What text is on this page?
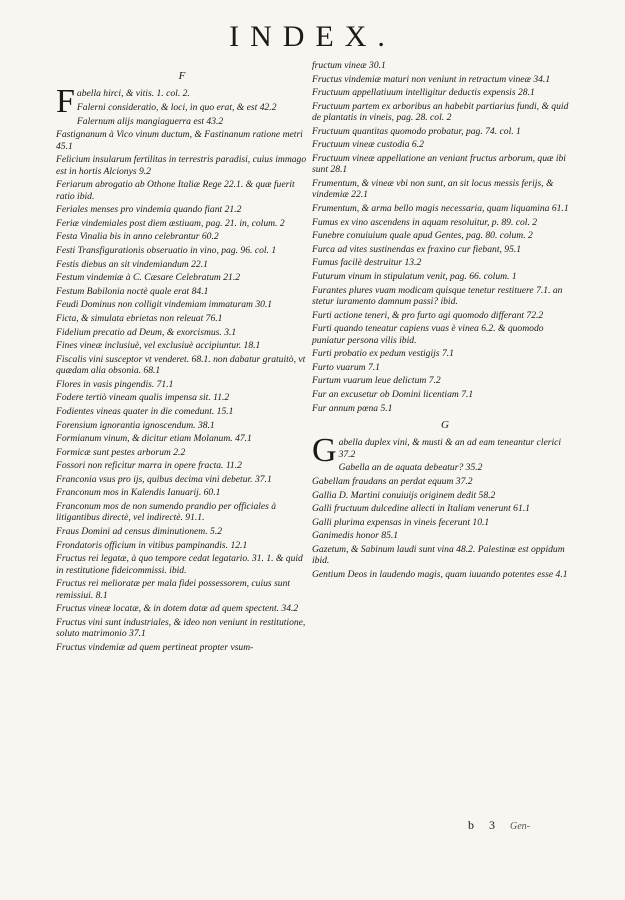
INDEX.
F
Fabella hirci, & vitis. 1. col. 2.
Falerni consideratio, & loci, in quo erat, & est 42.2
Falernum alijs mangiaguerra est 43.2
Fastignanum à Vico vinum ductum, & Fastinanum ratione metri 45.1
Felicium insularum fertilitas in terrestris paradisi, cuius immago est in hortis Alcionys 9.2
Feriarum abrogatio ab Othone Italiæ Rege 22.1. & quæ fuerit ratio ibid.
Feriales menses pro vindemia quando fiant 21.2
Feriæ vindemiales post diem æstiuam, pag. 21. in, colum. 2
Festa Vinalia bis in anno celebrantur 60.2
Festi Transfigurationis obseruatio in vino, pag. 96. col. 1
Festis diebus an sit vindemiandum 22.1
Festum vindemiæ à C. Cæsare Celebratum 21.2
Festum Babilonia noctè quale erat 84.1
Feudi Dominus non colligit vindemiam immaturam 30.1
Ficta, & simulata ebrietas non releuat 76.1
Fidelium precatio ad Deum, & exorcismus. 3.1
Fines vineæ inclusiuè, vel exclusiuè accipiuntur. 18.1
Fiscalis vini susceptor vt venderet. 68.1. non dabatur gratuitò, vt quædam alia obsonia. 68.1
Flores in vasis pingendis. 71.1
Fodere tertiò vineam qualis impensa sit. 11.2
Fodientes vineas quater in die comedunt. 15.1
Forensium ignorantia ignoscendum. 38.1
Formianum vinum, & dicitur etiam Molanum. 47.1
Formicæ sunt pestes arborum 2.2
Fossori non reficitur marra in opere fracta. 11.2
Franconia vsus pro ijs, quibus decima vini debetur. 37.1
Franconum mos in Kalendis Ianuarij. 60.1
Franconum mos de non sumendo prandio per officiales à litigantibus directè, vel indirectè. 91.1.
Fraus Domini ad census diminutionem. 5.2
Frondatoris officium in vitibus pampinandis. 12.1
Fructus rei legatæ, à quo tempore cedat legatario. 31. 1. & quid in restitutione fideicommissi. ibid.
Fructus rei melioratæ per mala fidei possessorem, cuius sunt remissiui. 8.1
Fructus vineæ locatæ, & in dotem datæ ad quem spectent. 34.2
Fructus vini sunt industriales, & ideo non veniunt in restitutione, soluto matrimonio 37.1
Fructus vindemiæ ad quem pertineat propter vsum-
fructum vineæ 30.1
Fructus vindemiæ maturi non veniunt in retractum vineæ 34.1
Fructuum appellatiuum intelligitur deductis expensis 28.1
Fructuum partem ex arboribus an habebit partiarius fundi, & quid de plantatis in vineis, pag. 28. col. 2
Fructuum quantitas quomodo probatur, pag. 74. col. 1
Fructuum vineæ custodia 6.2
Fructuum vineæ appellatione an veniant fructus arborum, quæ ibi sunt 28.1
Frumentum, & vineæ vbi non sunt, an sit locus messis ferijs, & vindemiæ 22.1
Frumentum, & arma bello magis necessaria, quam liquamina 61.1
Fumus ex vino ascendens in aquam resoluitur, p. 89. col. 2
Funebre conuiuium quale apud Gentes, pag. 80. colum. 2
Furca ad vites sustinendas ex fraxino cur fiebant, 95.1
Fumus facilè destruitur 13.2
Futurum vinum in stipulatum venit, pag. 66. colum. 1
Furantes plures vuam modicam quisque tenetur restituere 7.1. an stetur iuramento damnum passi? ibid.
Furti actione teneri, & pro furto agi quomodo differant 72.2
Furti quando teneatur capiens vuas è vinea 6.2. & quomodo puniatur persona vilis ibid.
Furti probatio ex pedum vestigijs 7.1
Furto vuarum 7.1
Furtum vuarum leue delictum 7.2
Fur an excusetur ob Domini licentiam 7.1
Fur annum pœna 5.1
G
Gabella duplex vini, & musti & an ad eam teneantur clerici 37.2
Gabella an de aquata debeatur? 35.2
Gabellam fraudans an perdat equum 37.2
Gallia D. Martini conuiuijs originem dedit 58.2
Galli fructuum dulcedine allecti in Italiam venerunt 61.1
Galli plurima expensas in vineis fecerunt 10.1
Ganimedis honor 85.1
Gazetum, & Sabinum laudi sunt vina 48.2. Palestinæ est oppidum ibid.
Gentium Deos in laudendo magis, quam iuuando potentes esse 4.1
b 3 Gen-
